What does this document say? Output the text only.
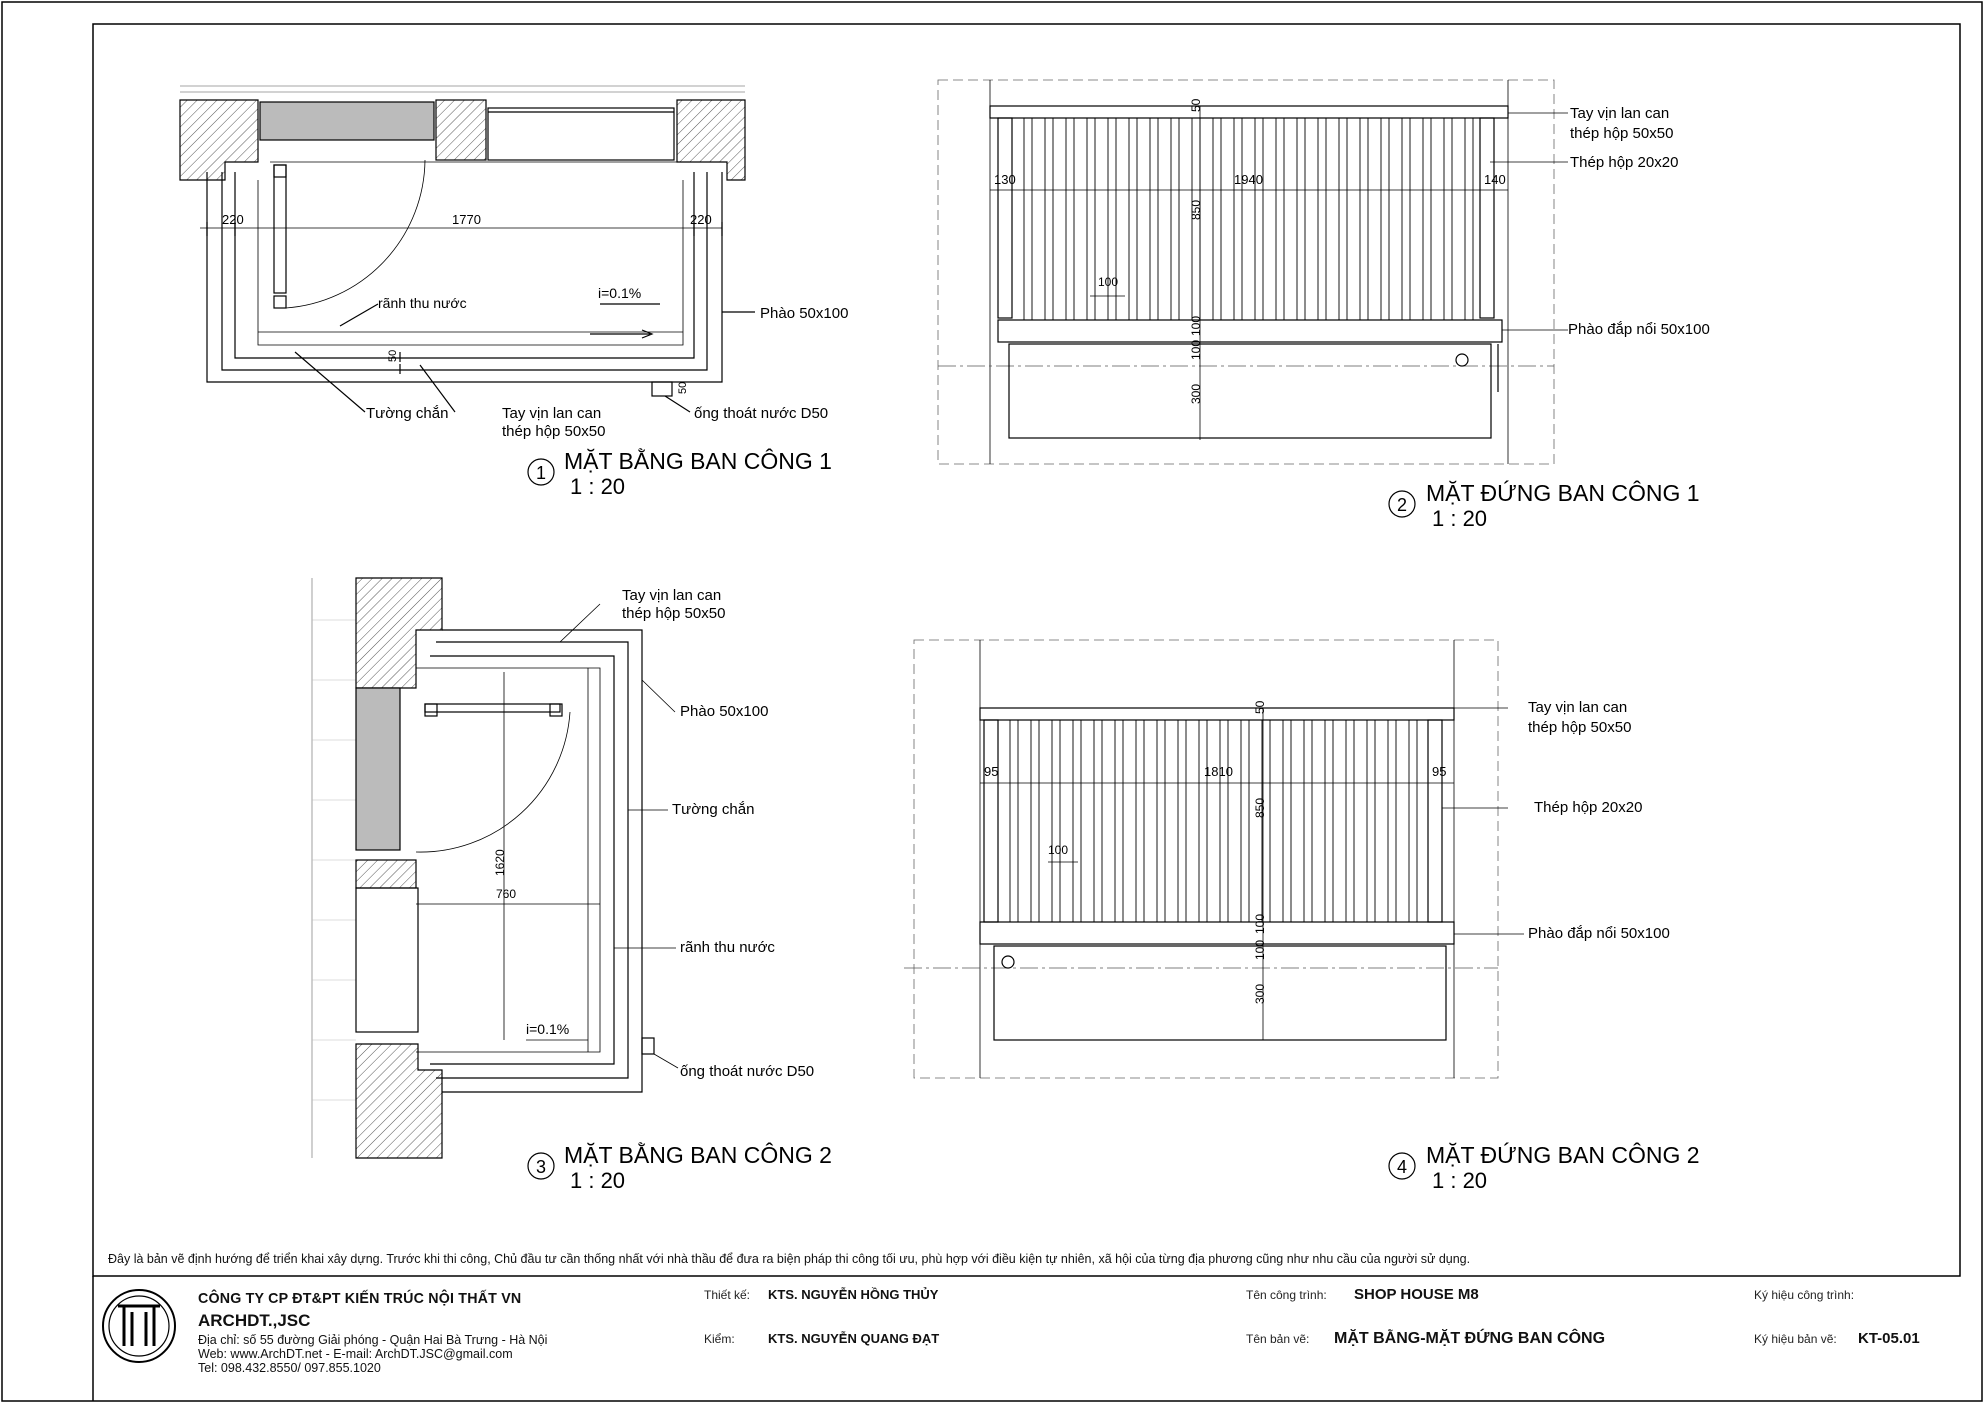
220	1770	220
50
50
i=0.1%
rãnh thu nước
Phào 50x100
Tường chắn	Tay vịn lan can
thép hộp 50x50
ống thoát nước D50
130	1940	140
50
850
100
100
100
300
Tay vịn lan can
thép hộp 50x50
Thép hộp 20x20
Phào đắp nổi 50x100
1620
760
i=0.1%
Tay vịn lan can
thép hộp 50x50
Phào 50x100
Tường chắn
rãnh thu nước
ống thoát nước D50
95	1810	95
50
850
100
100
100
300
Tay vịn lan can
thép hộp 50x50
Thép hộp 20x20
Phào đắp nổi 50x100
1 MẶT BẰNG BAN CÔNG 1
1 : 20
2 MẶT ĐỨNG BAN CÔNG 1
1 : 20
3 MẶT BẰNG BAN CÔNG 2
1 : 20
4 MẶT ĐỨNG BAN CÔNG 2
1 : 20
Đây là bản vẽ định hướng để triển khai xây dựng. Trước khi thi công, Chủ đầu tư cần thống nhất với nhà thầu để đưa ra biện pháp thi công tối ưu, phù hợp với điều kiện tự nhiên, xã hội của từng địa phương cũng như nhu cầu của người sử dụng.
CÔNG TY CP ĐT&PT KIẾN TRÚC NỘI THẤT VN
ARCHDT.,JSC
Địa chỉ: số 55 đường Giải phóng - Quận Hai Bà Trưng - Hà Nội
Web: www.ArchDT.net - E-mail: ArchDT.JSC@gmail.com
Tel: 098.432.8550/ 097.855.1020
Thiết kế: KTS. NGUYỄN HỒNG THỦY
Kiểm:	KTS. NGUYỄN QUANG ĐẠT
Tên công trình: SHOP HOUSE M8
Tên bản vẽ: MẶT BẰNG-MẶT ĐỨNG BAN CÔNG
Ký hiệu công trình:
Ký hiệu bản vẽ: KT-05.01
